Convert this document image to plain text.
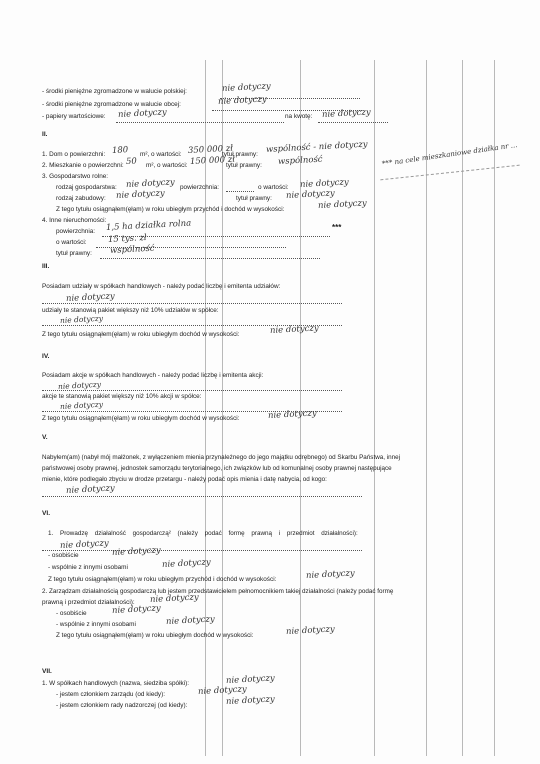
- środki pieniężne zgromadzone w walucie polskiej:	nie dotyczy
- środki pieniężne zgromadzone w walucie obcej:	nie dotyczy
- papiery wartościowe: nie dotyczy	na kwotę: nie dotyczy
II.
1. Dom o powierzchni: 180 m², o wartości: 350 000 zł
tytuł prawny: wspólność - nie dotyczy
2. Mieszkanie o powierzchni: 50 m², o wartości: 150 000 zł
tytuł prawny: wspólność	*** na cele mieszkaniowe działka nr ...
3. Gospodarstwo rolne:
rodzaj gospodarstwa: nie dotyczy powierzchnia:	o wartości: nie dotyczy
rodzaj zabudowy: nie dotyczy	tytuł prawny: nie dotyczy
Z tego tytułu osiągnąłem(ęłam) w roku ubiegłym przychód i dochód w wysokości:	nie dotyczy
4. Inne nieruchomości:
powierzchnia: 1,5 ha działka rolna	***
o wartości: 15 tys. zł
tytuł prawny: wspólność
III.
Posiadam udziały w spółkach handlowych - należy podać liczbę i emitenta udziałów:
nie dotyczy
udziały te stanowią pakiet większy niż 10% udziałów w spółce:
nie dotyczy
Z tego tytułu osiągnąłem(ęłam) w roku ubiegłym dochód w wysokości:	nie dotyczy
IV.
Posiadam akcje w spółkach handlowych - należy podać liczbę i emitenta akcji:
nie dotyczy
akcje te stanowią pakiet większy niż 10% akcji w spółce:
nie dotyczy
Z tego tytułu osiągnąłem(ęłam) w roku ubiegłym dochód w wysokości:	nie dotyczy
V.
Nabyłem(am) (nabył mój małżonek, z wyłączeniem mienia przynależnego do jego majątku odrębnego) od Skarbu Państwa, innej
państwowej osoby prawnej, jednostek samorządu terytorialnego, ich związków lub od komunalnej osoby prawnej następujące
mienie, które podlegało zbyciu w drodze przetargu - należy podać opis mienia i datę nabycia, od kogo:
nie dotyczy
VI.
1. Prowadzę działalność gospodarczą² (należy podać formę prawną i przedmiot działalności):
nie dotyczy
- osobiście	nie dotyczy
- wspólnie z innymi osobami	nie dotyczy
Z tego tytułu osiągnąłem(ęłam) w roku ubiegłym przychód i dochód w wysokości:	nie dotyczy
2. Zarządzam działalnością gospodarczą lub jestem przedstawicielem pełnomocnikiem takiej działalności (należy podać formę
prawną i przedmiot działalności): nie dotyczy
- osobiście	nie dotyczy
- wspólnie z innymi osobami	nie dotyczy
Z tego tytułu osiągnąłem(ęłam) w roku ubiegłym dochód w wysokości:	nie dotyczy
VII.
1. W spółkach handlowych (nazwa, siedziba spółki):	nie dotyczy
- jestem członkiem zarządu (od kiedy):	nie dotyczy
- jestem członkiem rady nadzorczej (od kiedy):	nie dotyczy
